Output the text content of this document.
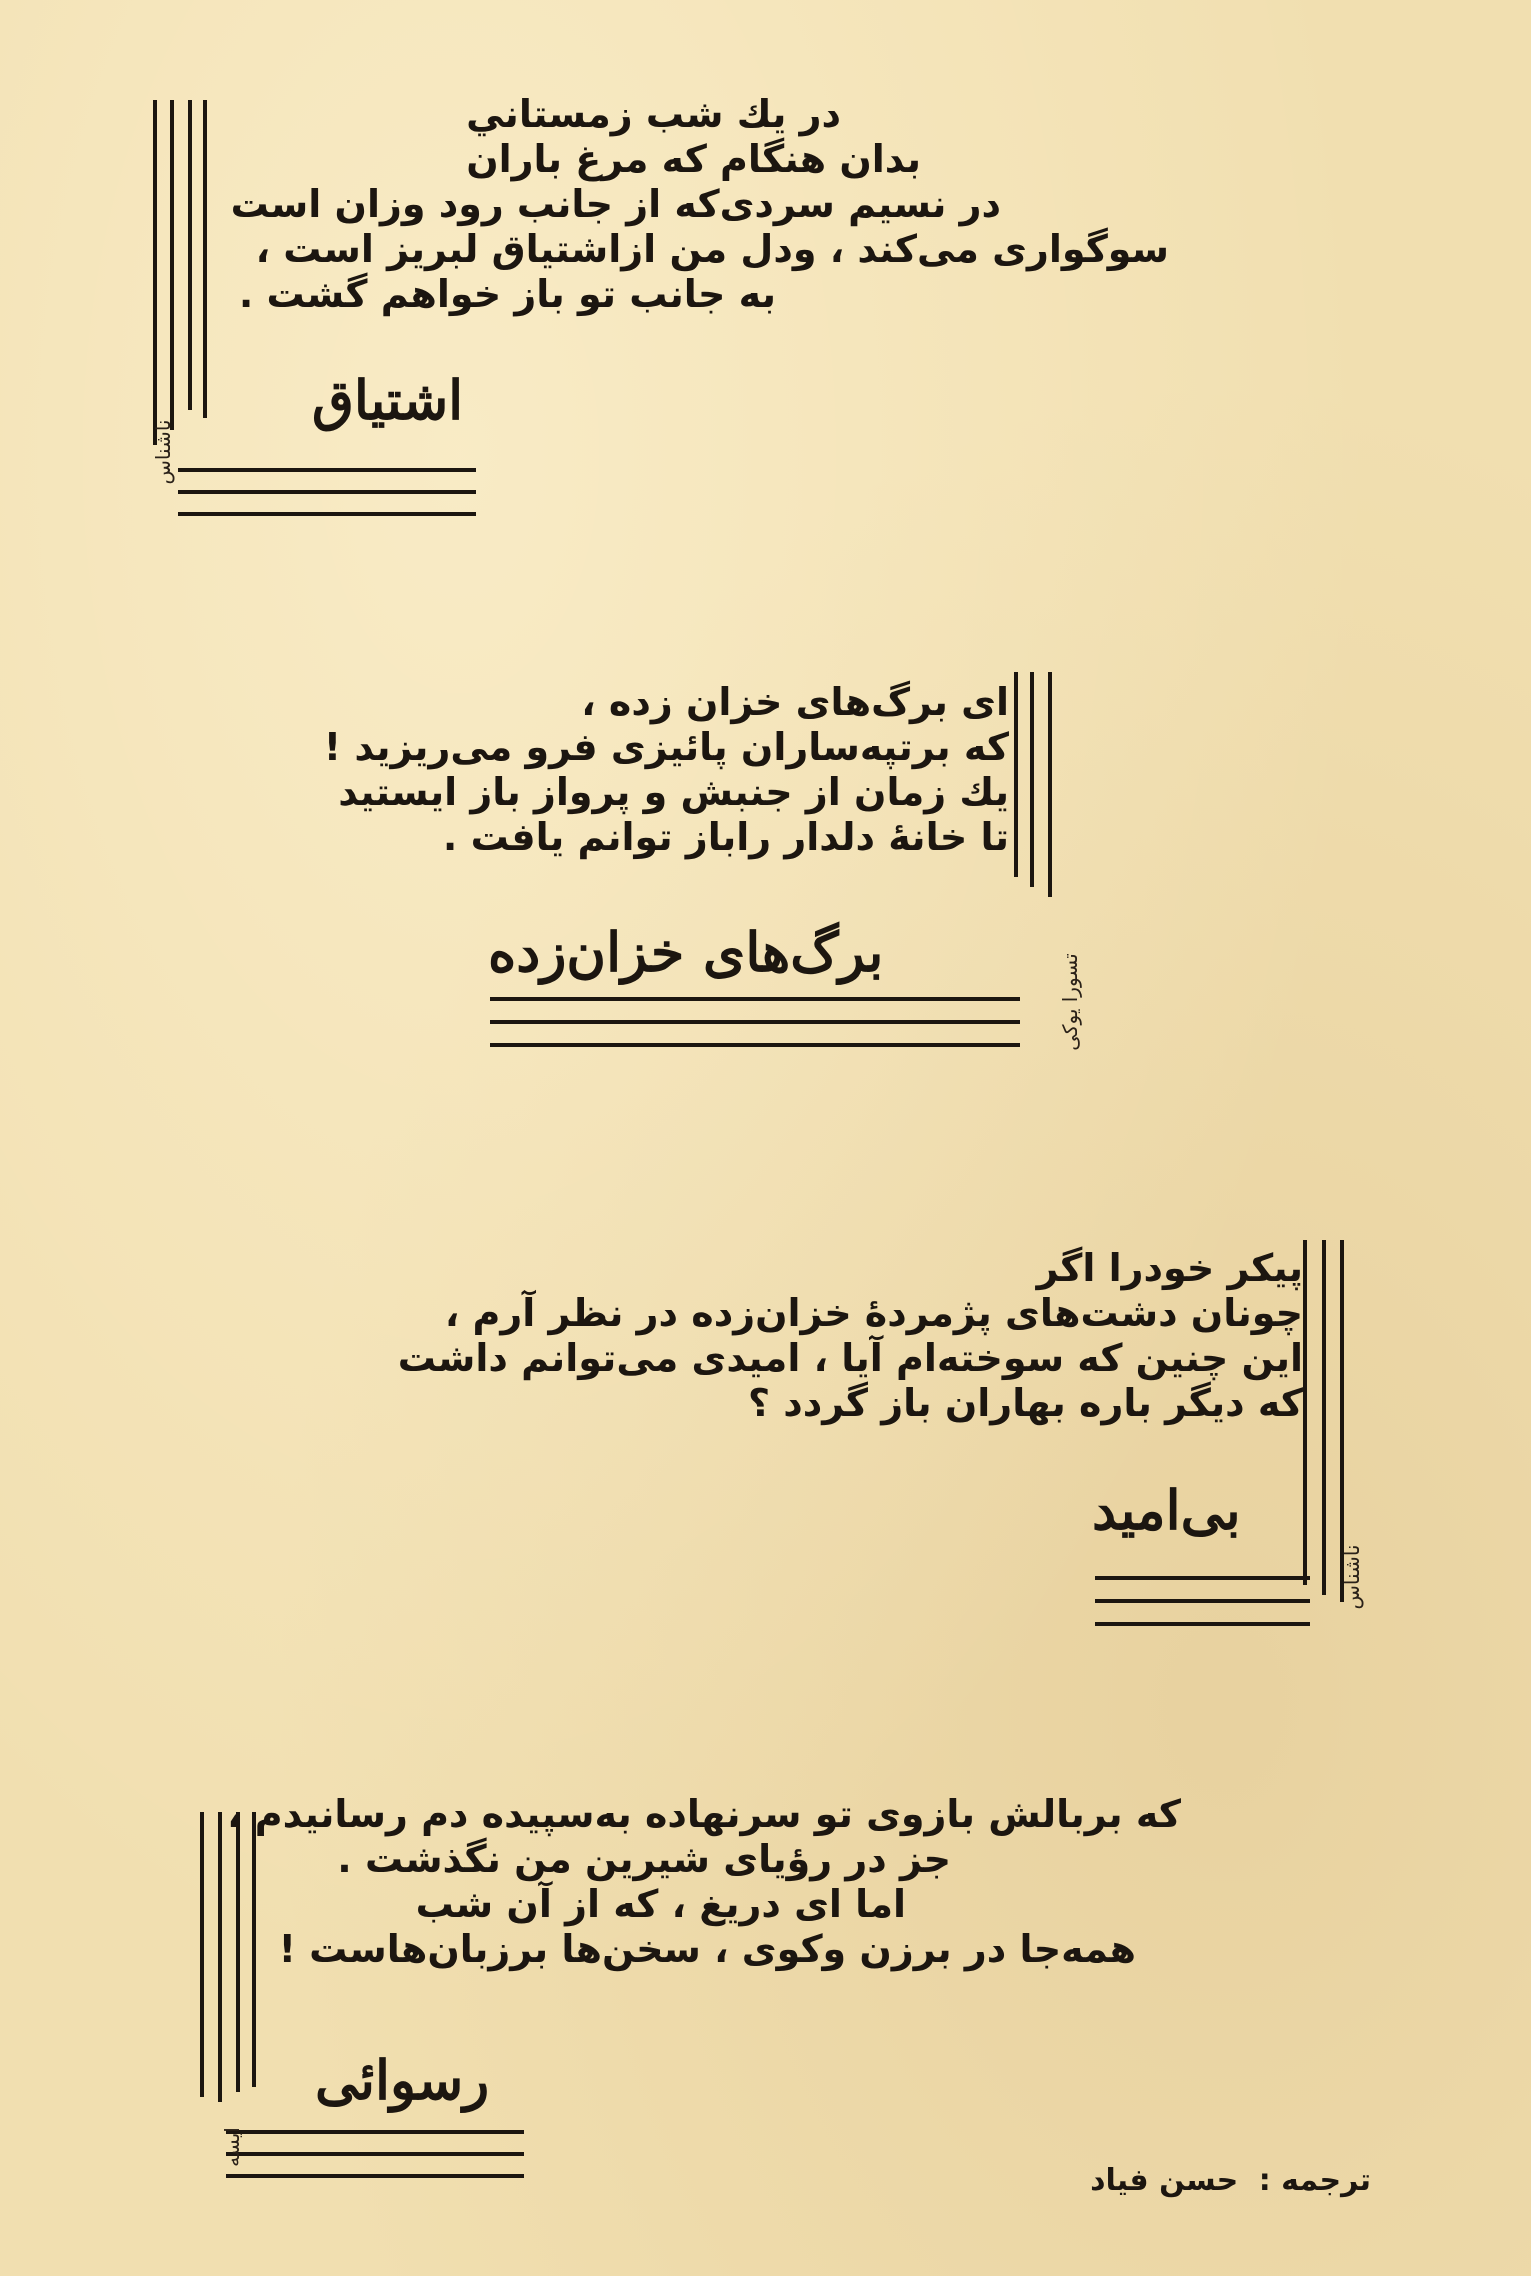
ناشناس
در يك شب زمستاني
بدان هنگام كه مرغ باران
در نسيم سردی‌كه از جانب رود وزان است
سوگواری می‌كند ، ودل من ازاشتياق لبريز است ،
به جانب تو باز خواهم گشت .
اشتياق
تسورا يوكی
ای برگ‌های خزان زده ،
كه برتپه‌ساران پائيزی فرو می‌ريزيد !
يك زمان از جنبش و پرواز باز ايستيد
تا خانهٔ دلدار راباز توانم يافت .
برگ‌های خزان‌زده
ناشناس
پيكر خودرا اگر
چونان دشت‌های پژمردهٔ خزان‌زده در نظر آرم ،
اين چنين كه سوخته‌ام آيا ، اميدی می‌توانم داشت
كه ديگر باره بهاران باز گردد ؟
بی‌اميد
ايسه
كه بربالش بازوی تو سرنهاده به‌سپيده دم رسانيدم ،
جز در رؤيای شيرين من نگذشت .
اما ای دريغ ، كه از آن شب
همه‌جا در برزن وكوی ، سخن‌ها برزبان‌هاست !
رسوائی
ترجمه : حسن فياد
